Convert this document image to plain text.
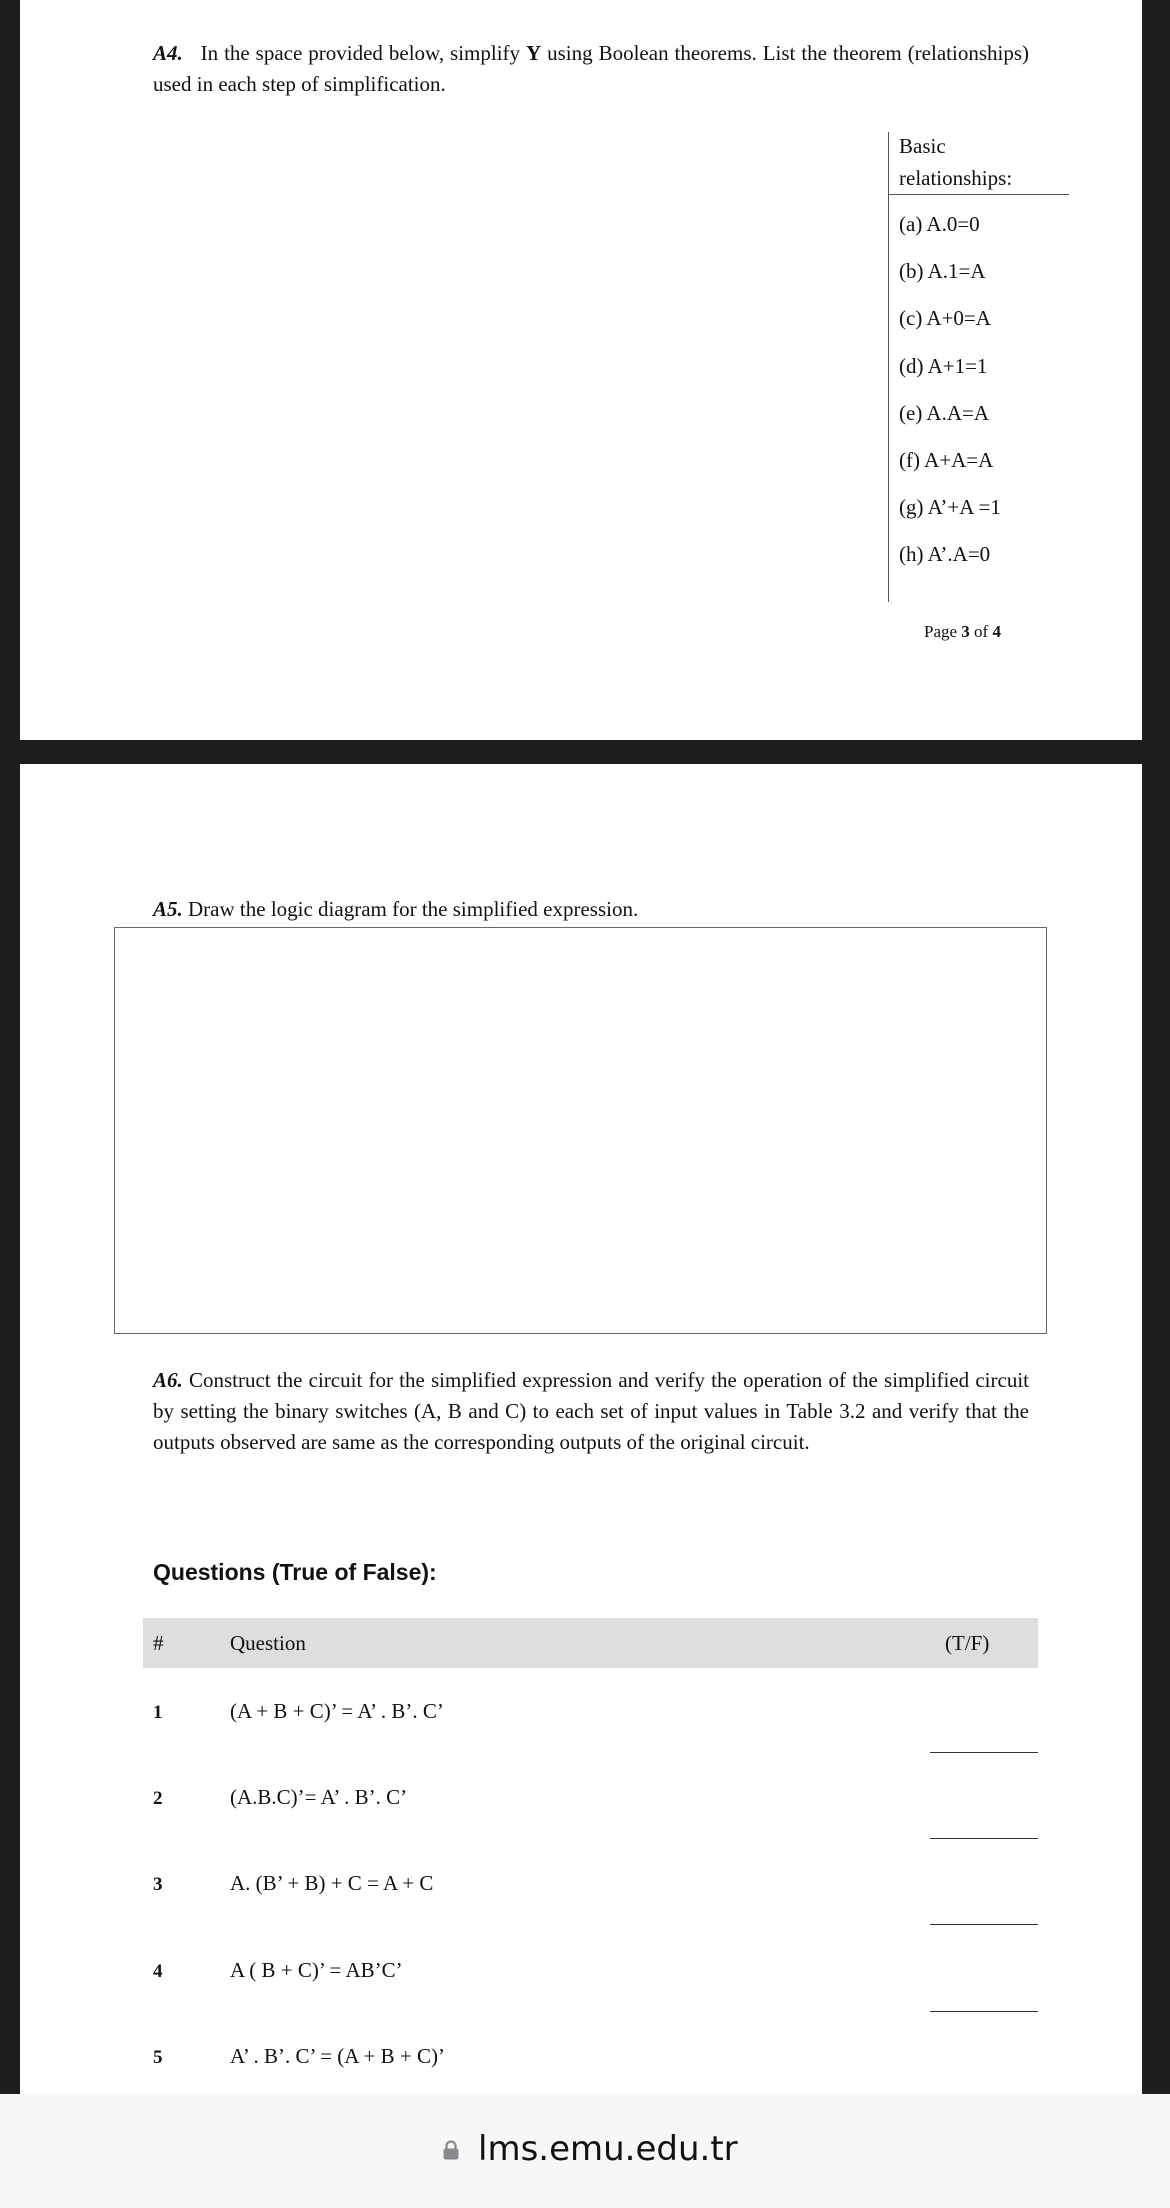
A4. In the space provided below, simplify Y using Boolean theorems. List the theorem (relationships) used in each step of simplification.
Basic
relationships:
(a) A.0=0
(b) A.1=A
(c) A+0=A
(d) A+1=1
(e) A.A=A
(f) A+A=A
(g) A’+A =1
(h) A’.A=0
Page 3 of 4
A5. Draw the logic diagram for the simplified expression.
A6. Construct the circuit for the simplified expression and verify the operation of the simplified circuit by setting the binary switches (A, B and C) to each set of input values in Table 3.2 and verify that the outputs observed are same as the corresponding outputs of the original circuit.
Questions (True of False):
#	Question	(T/F)
1	(A + B + C)’ = A’ . B’. C’
2	(A.B.C)’= A’ . B’. C’
3	A. (B’ + B) + C = A + C
4	A ( B + C)’ = AB’C’
5	A’ . B’. C’ = (A + B + C)’
lms.emu.edu.tr
